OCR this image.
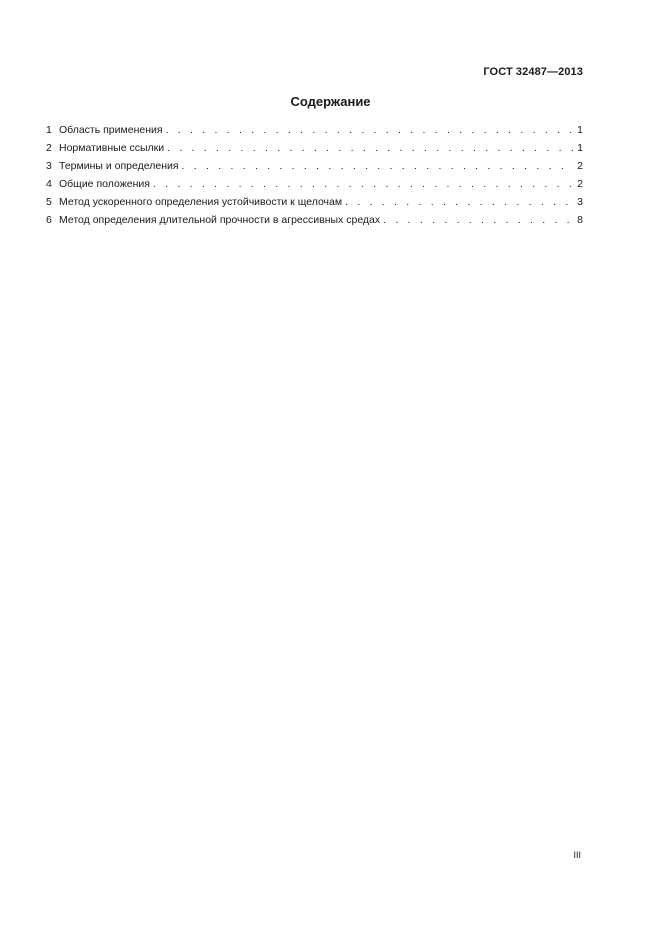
ГОСТ 32487—2013
Содержание
1 Область применения . . .	1
2 Нормативные ссылки . . .	1
3 Термины и определения . . .	2
4 Общие положения . . .	2
5 Метод ускоренного определения устойчивости к щелочам . . .	3
6 Метод определения длительной прочности в агрессивных средах . . .	8
III
